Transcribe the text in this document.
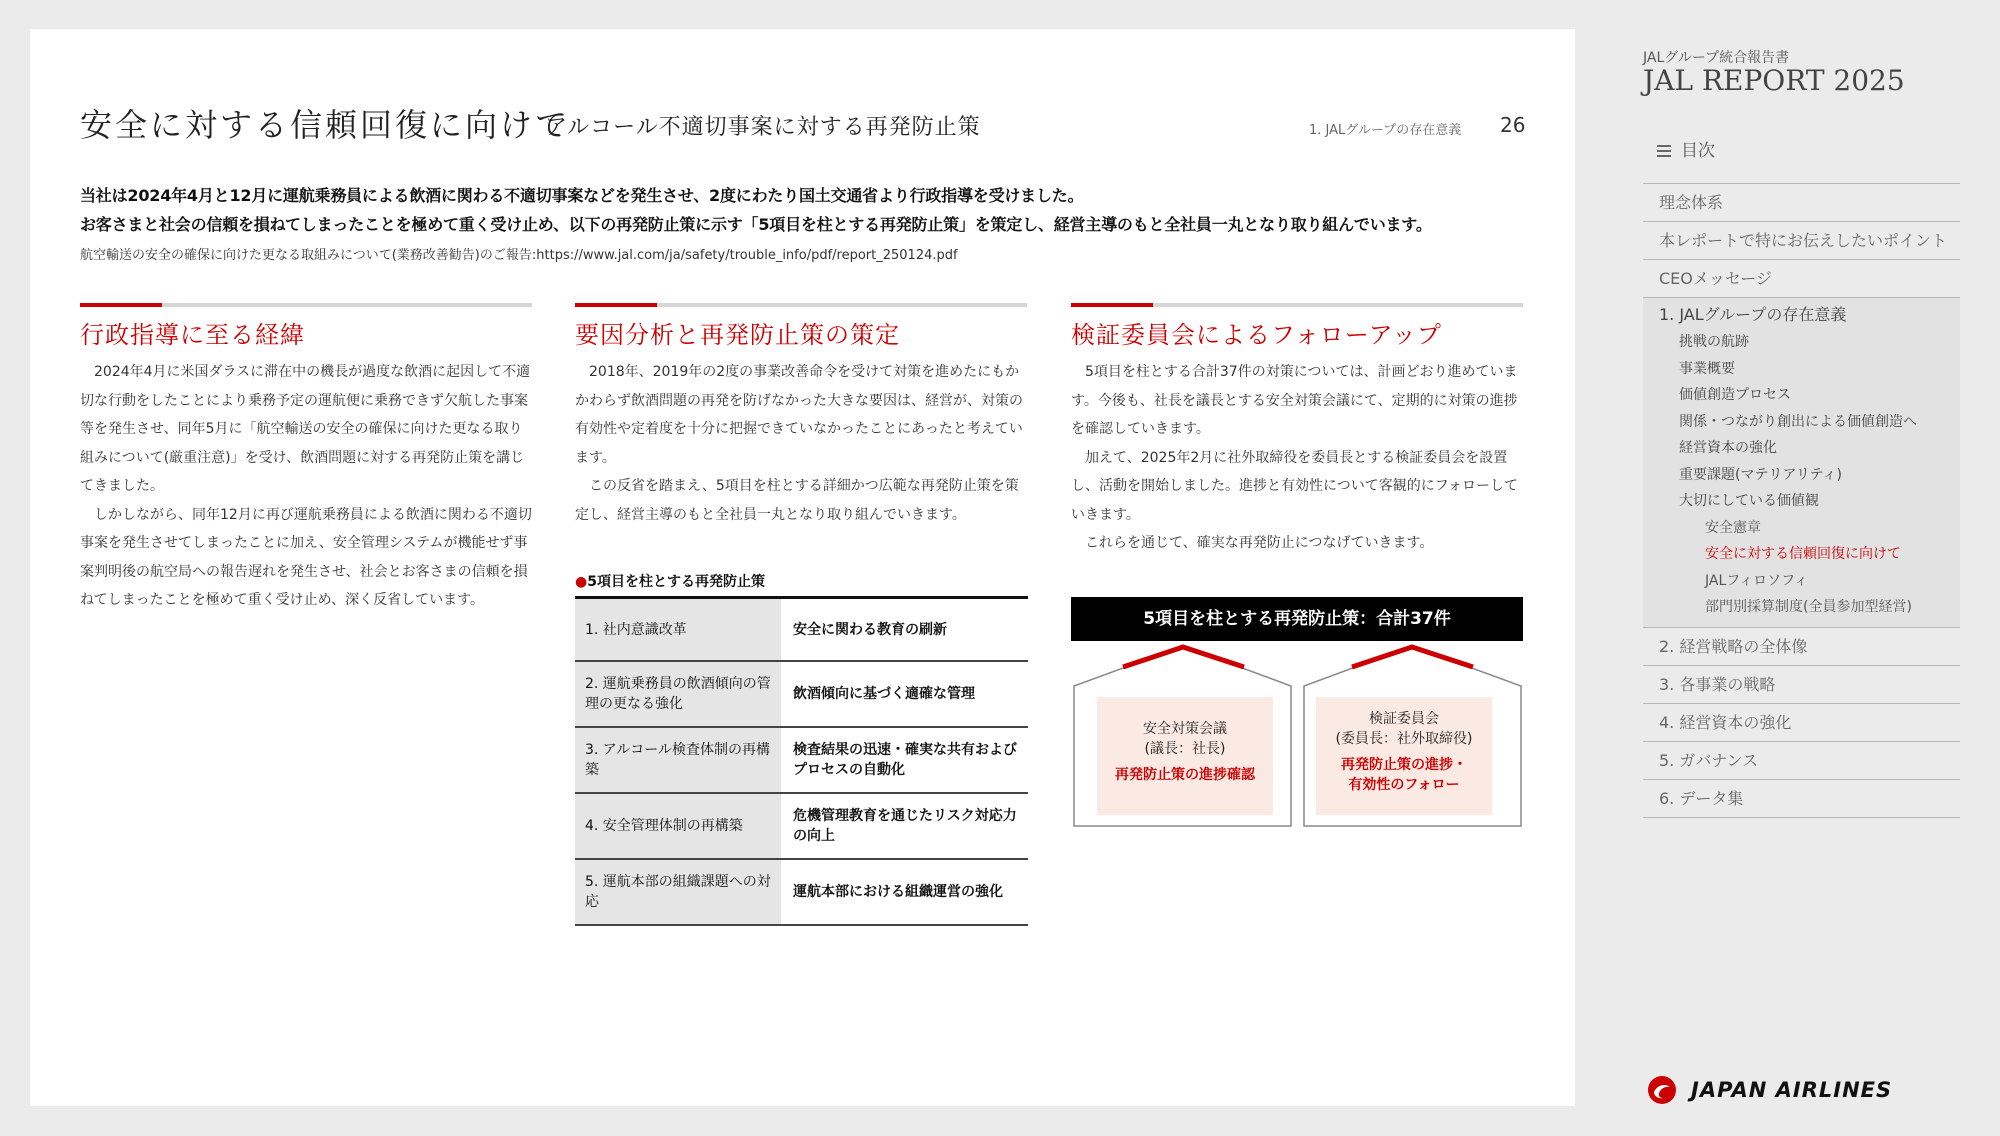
安全に対する信頼回復に向けて
アルコール不適切事案に対する再発防止策	1. JALグループの存在意義 26
当社は2024年4月と12月に運航乗務員による飲酒に関わる不適切事案などを発生させ、2度にわたり国土交通省より行政指導を受けました。
お客さまと社会の信頼を損ねてしまったことを極めて重く受け止め、以下の再発防止策に示す「5項目を柱とする再発防止策」を策定し、経営主導のもと全社員一丸となり取り組んでいます。
航空輸送の安全の確保に向けた更なる取組みについて(業務改善勧告)のご報告:https://www.jal.com/ja/safety/trouble_info/pdf/report_250124.pdf
行政指導に至る経緯	要因分析と再発防止策の策定	検証委員会によるフォローアップ

2024年4月に米国ダラスに滞在中の機長が過度な飲酒に起因して不適切な行動をしたことにより乗務予定の運航便に乗務できず欠航した事案等を発生させ、同年5月に「航空輸送の安全の確保に向けた更なる取り組みについて(厳重注意)」を受け、飲酒問題に対する再発防止策を講じてきました。

しかしながら、同年12月に再び運航乗務員による飲酒に関わる不適切事案を発生させてしまったことに加え、安全管理システムが機能せず事案判明後の航空局への報告遅れを発生させ、社会とお客さまの信頼を損ねてしまったことを極めて重く受け止め、深く反省しています。

2018年、2019年の2度の事業改善命令を受けて対策を進めたにもかかわらず飲酒問題の再発を防げなかった大きな要因は、経営が、対策の有効性や定着度を十分に把握できていなかったことにあったと考えています。

この反省を踏まえ、5項目を柱とする詳細かつ広範な再発防止策を策定し、経営主導のもと全社員一丸となり取り組んでいきます。

5項目を柱とする合計37件の対策については、計画どおり進めています。今後も、社長を議長とする安全対策会議にて、定期的に対策の進捗を確認していきます。

加えて、2025年2月に社外取締役を委員長とする検証委員会を設置し、活動を開始しました。進捗と有効性について客観的にフォローしていきます。

これらを通じて、確実な再発防止につなげていきます。

●5項目を柱とする再発防止策
1. 社内意識改革	安全に関わる教育の刷新
2. 運航乗務員の飲酒傾向の管理の更なる強化	飲酒傾向に基づく適確な管理
3. アルコール検査体制の再構築	検査結果の迅速・確実な共有およびプロセスの自動化
4. 安全管理体制の再構築	危機管理教育を通じたリスク対応力の向上
5. 運航本部の組織課題への対応	運航本部における組織運営の強化
5項目を柱とする再発防止策：合計37件
安全対策会議
(議長：社長)
再発防止策の進捗確認
検証委員会
(委員長：社外取締役)
再発防止策の進捗・
有効性のフォロー
JALグループ統合報告書
JAL REPORT 2025
目次
理念体系
本レポートで特にお伝えしたいポイント
CEOメッセージ
1. JALグループの存在意義
挑戦の航跡
事業概要
価値創造プロセス
関係・つながり創出による価値創造へ
経営資本の強化
重要課題(マテリアリティ)
大切にしている価値観
安全憲章
安全に対する信頼回復に向けて
JALフィロソフィ
部門別採算制度(全員参加型経営)
2. 経営戦略の全体像
3. 各事業の戦略
4. 経営資本の強化
5. ガバナンス
6. データ集
JAPAN AIRLINES
